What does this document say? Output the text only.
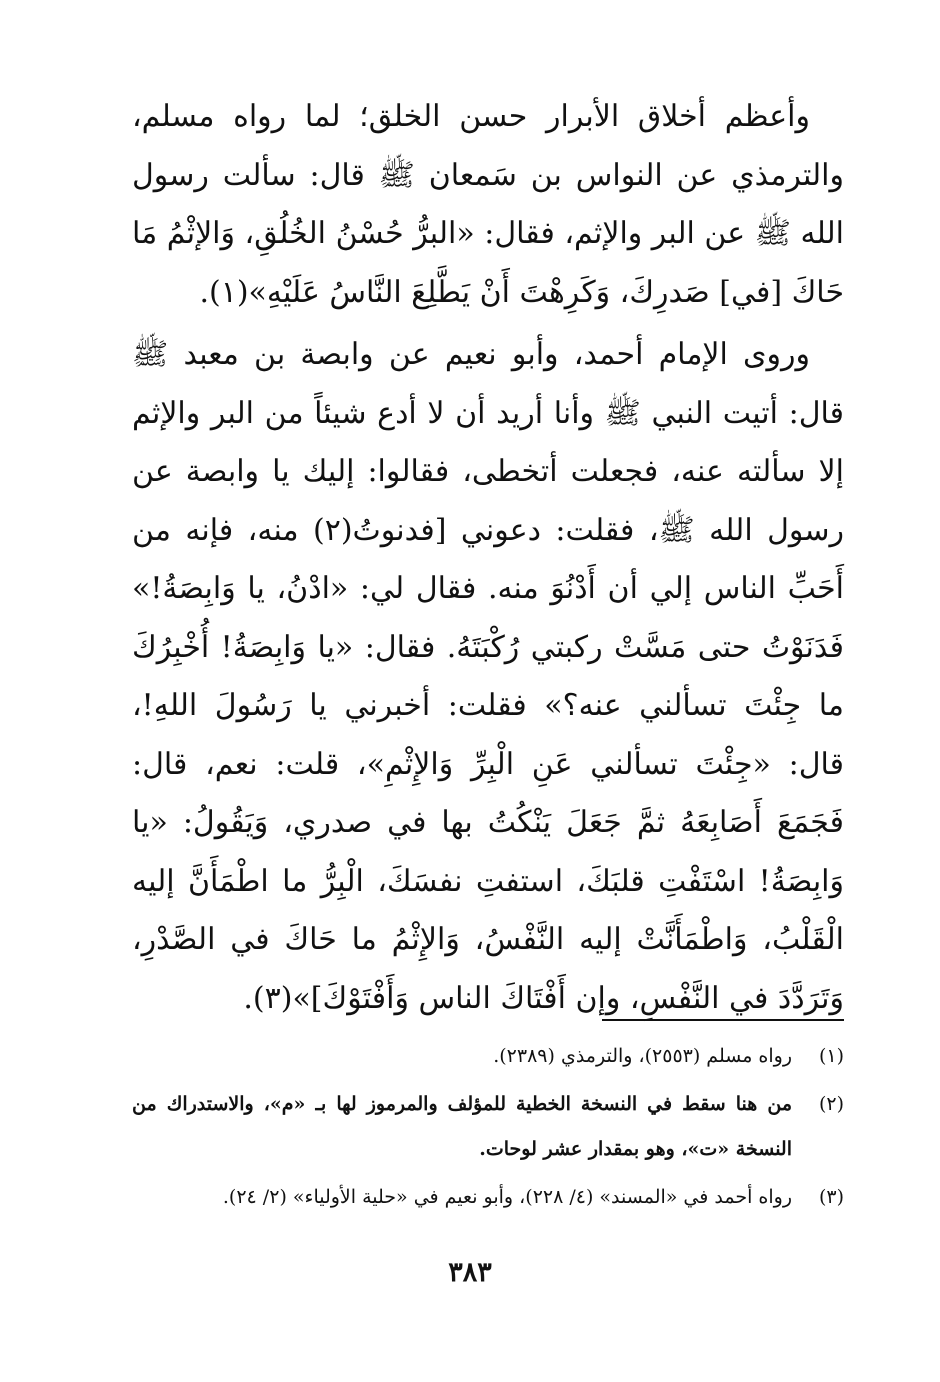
وأعظم أخلاق الأبرار حسن الخلق؛ لما رواه مسلم، والترمذي عن النواس بن سَمعان ﷺ قال: سألت رسول الله ﷺ عن البر والإثم، فقال: «البرُّ حُسْنُ الخُلُقِ، وَالإثْمُ مَا حَاكَ [في] صَدرِكَ، وَكَرِهْتَ أَنْ يَطَّلِعَ النَّاسُ عَلَيْهِ»(١).

وروى الإمام أحمد، وأبو نعيم عن وابصة بن معبد ﷺ قال: أتيت النبي ﷺ وأنا أريد أن لا أدع شيئاً من البر والإثم إلا سألته عنه، فجعلت أتخطى، فقالوا: إليك يا وابصة عن رسول الله ﷺ، فقلت: دعوني [فدنوتُ(٢) منه، فإنه من أَحَبِّ الناس إلي أن أَدْنُوَ منه. فقال لي: «ادْنُ، يا وَابِصَةُ!» فَدَنَوْتُ حتى مَسَّتْ ركبتي رُكْبَتَهُ. فقال: «يا وَابِصَةُ! أُخْبِرُكَ ما جِئْتَ تسألني عنه؟» فقلت: أخبرني يا رَسُولَ اللهِ!، قال: «جِئْتَ تسألني عَنِ الْبِرِّ وَالإِثْمِ»، قلت: نعم، قال: فَجَمَعَ أَصَابِعَهُ ثمَّ جَعَلَ يَنْكُتُ بها في صدري، وَيَقُولُ: «يا وَابِصَةُ! اسْتَفْتِ قلبَكَ، استفتِ نفسَكَ، الْبِرُّ ما اطْمَأَنَّ إليه الْقَلْبُ، وَاطْمَأَنَّتْ إليه النَّفْسُ، وَالإِثْمُ ما حَاكَ في الصَّدْرِ، وَتَرَدَّدَ في النَّفْسِ، وإن أَفْتَاكَ الناس وَأَفْتَوْكَ]»(٣).

(١)
رواه مسلم (٢٥٥٣)، والترمذي (٢٣٨٩).
(٢)
من هنا سقط في النسخة الخطية للمؤلف والمرموز لها بـ «م»، والاستدراك من النسخة «ت»، وهو بمقدار عشر لوحات.
(٣)
رواه أحمد في «المسند» (٤/ ٢٢٨)، وأبو نعيم في «حلية الأولياء» (٢/ ٢٤).
٣٨٣
